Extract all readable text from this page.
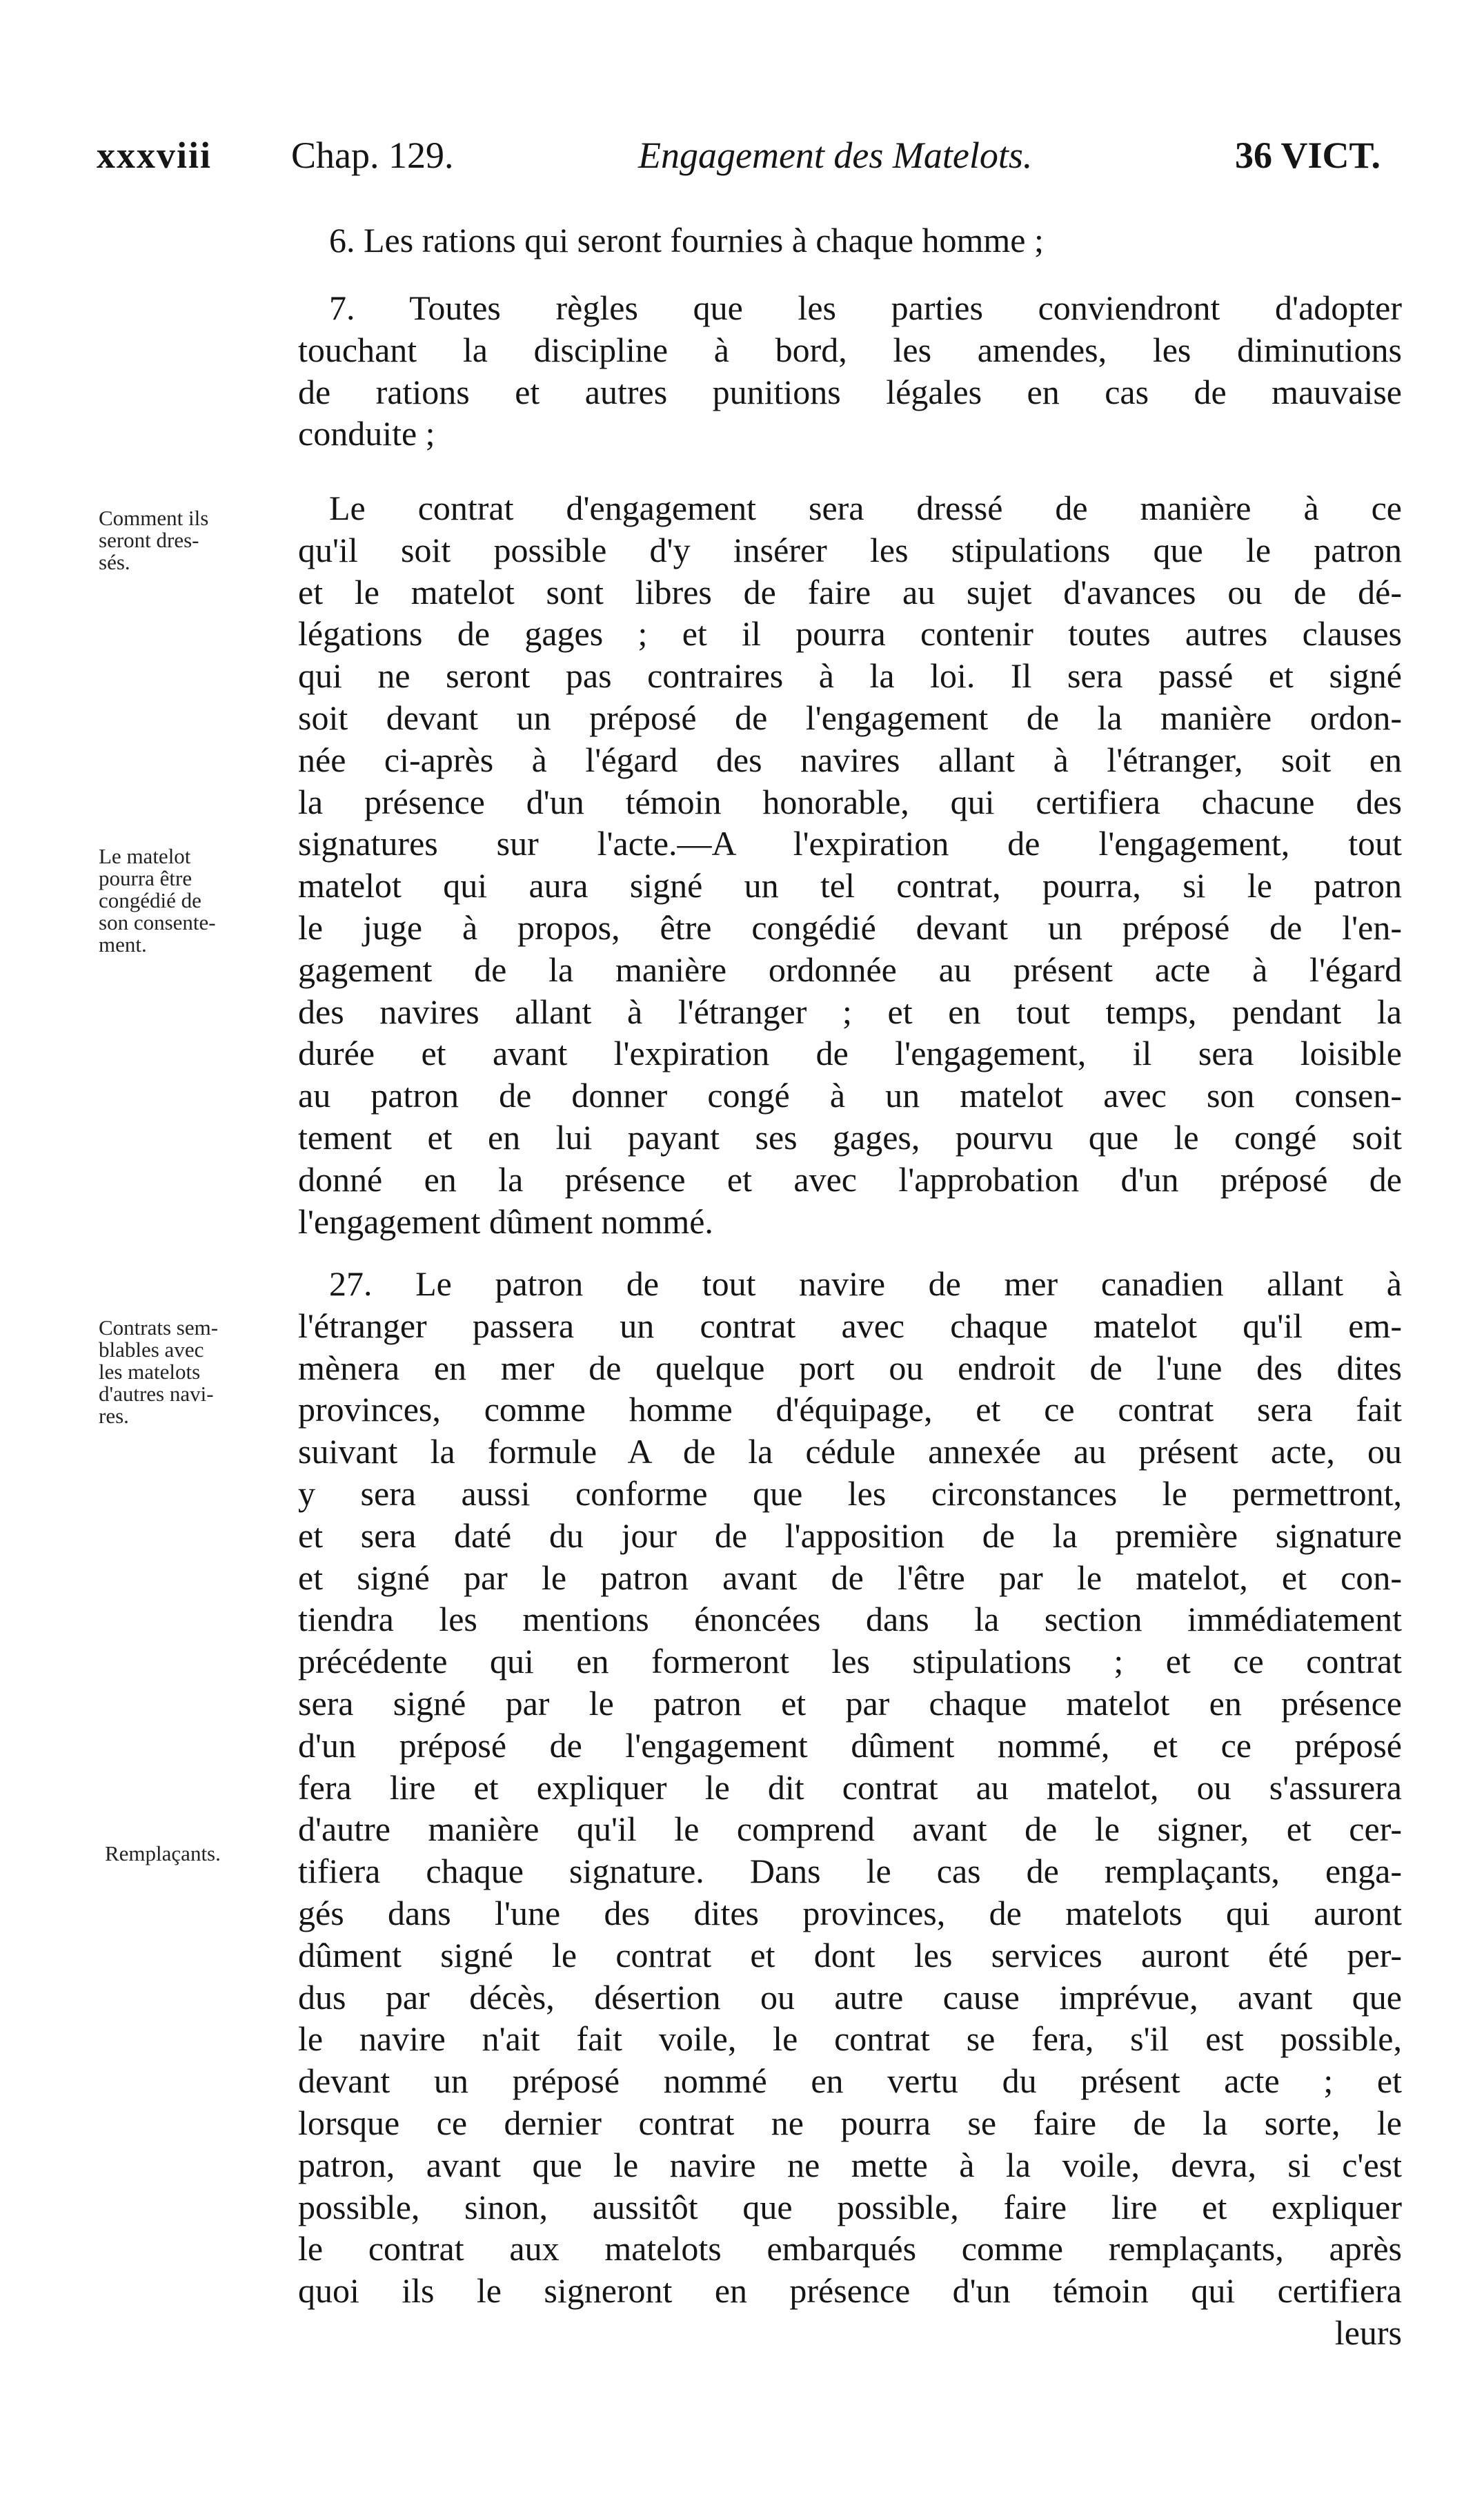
xxxviii Chap. 129.	Engagement des Matelots.	36 VICT.
6. Les rations qui seront fournies à chaque homme ;
7. Toutes règles que les parties conviendront d'adopter
touchant la discipline à bord, les amendes, les diminutions
de rations et autres punitions légales en cas de mauvaise
conduite ;
Le contrat d'engagement sera dressé de manière à ce
qu'il soit possible d'y insérer les stipulations que le patron
et le matelot sont libres de faire au sujet d'avances ou de dé-
légations de gages ; et il pourra contenir toutes autres clauses
qui ne seront pas contraires à la loi. Il sera passé et signé
soit devant un préposé de l'engagement de la manière ordon-
née ci-après à l'égard des navires allant à l'étranger, soit en
la présence d'un témoin honorable, qui certifiera chacune des
signatures sur l'acte.—A l'expiration de l'engagement, tout
matelot qui aura signé un tel contrat, pourra, si le patron
le juge à propos, être congédié devant un préposé de l'en-
gagement de la manière ordonnée au présent acte à l'égard
des navires allant à l'étranger ; et en tout temps, pendant la
durée et avant l'expiration de l'engagement, il sera loisible
au patron de donner congé à un matelot avec son consen-
tement et en lui payant ses gages, pourvu que le congé soit
donné en la présence et avec l'approbation d'un préposé de
l'engagement dûment nommé.
27. Le patron de tout navire de mer canadien allant à
l'étranger passera un contrat avec chaque matelot qu'il em-
mènera en mer de quelque port ou endroit de l'une des dites
provinces, comme homme d'équipage, et ce contrat sera fait
suivant la formule A de la cédule annexée au présent acte, ou
y sera aussi conforme que les circonstances le permettront,
et sera daté du jour de l'apposition de la première signature
et signé par le patron avant de l'être par le matelot, et con-
tiendra les mentions énoncées dans la section immédiatement
précédente qui en formeront les stipulations ; et ce contrat
sera signé par le patron et par chaque matelot en présence
d'un préposé de l'engagement dûment nommé, et ce préposé
fera lire et expliquer le dit contrat au matelot, ou s'assurera
d'autre manière qu'il le comprend avant de le signer, et cer-
tifiera chaque signature. Dans le cas de remplaçants, enga-
gés dans l'une des dites provinces, de matelots qui auront
dûment signé le contrat et dont les services auront été per-
dus par décès, désertion ou autre cause imprévue, avant que
le navire n'ait fait voile, le contrat se fera, s'il est possible,
devant un préposé nommé en vertu du présent acte ; et
lorsque ce dernier contrat ne pourra se faire de la sorte, le
patron, avant que le navire ne mette à la voile, devra, si c'est
possible, sinon, aussitôt que possible, faire lire et expliquer
le contrat aux matelots embarqués comme remplaçants, après
quoi ils le signeront en présence d'un témoin qui certifiera
leurs
Comment ils
seront dres-
sés.
Le matelot
pourra être
congédié de
son consente-
ment.
Contrats sem-
blables avec
les matelots
d'autres navi-
res.
Remplaçants.
